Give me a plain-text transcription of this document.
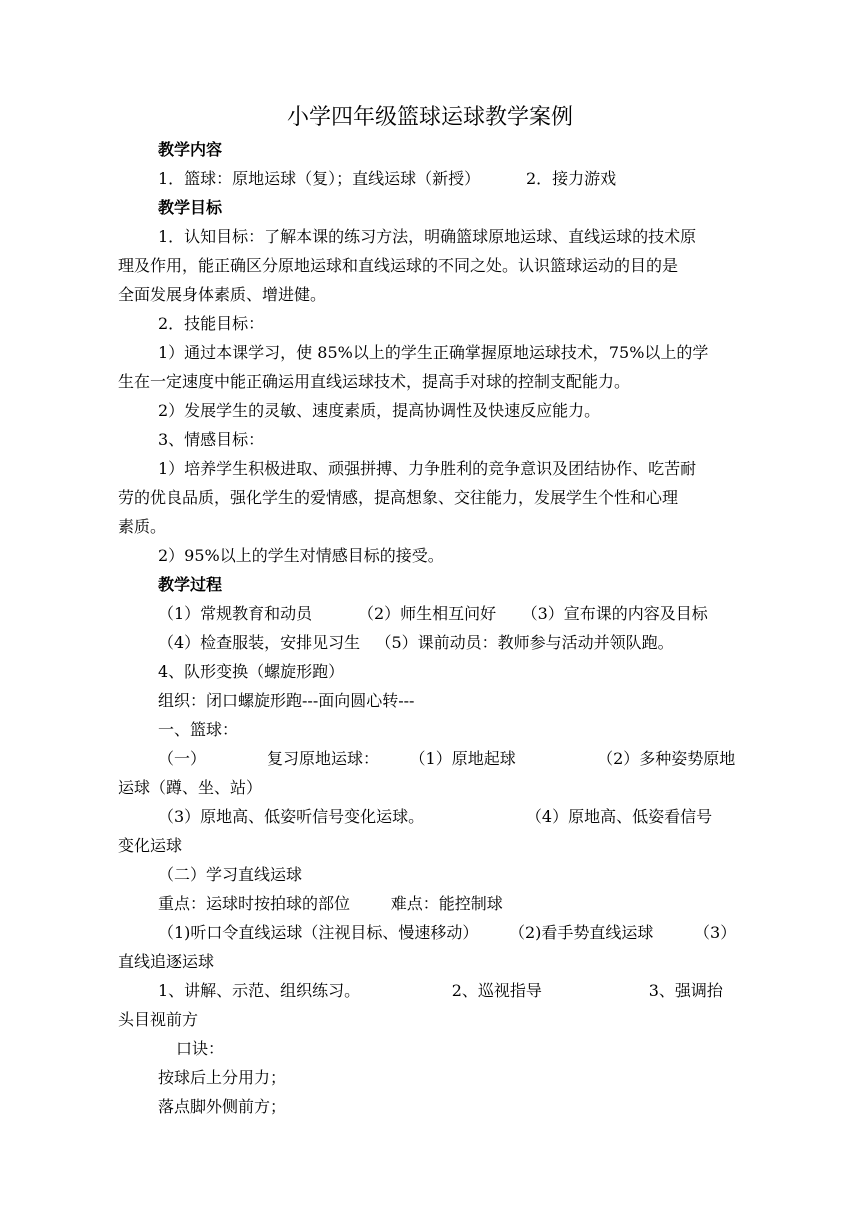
小学四年级篮球运球教学案例
教学内容
1．篮球：原地运球（复）；直线运球（新授）         2．接力游戏
教学目标
1．认知目标：了解本课的练习方法，明确篮球原地运球、直线运球的技术原
理及作用，能正确区分原地运球和直线运球的不同之处。认识篮球运动的目的是
全面发展身体素质、增进健。
2．技能目标：
1）通过本课学习，使 85%以上的学生正确掌握原地运球技术，75%以上的学
生在一定速度中能正确运用直线运球技术，提高手对球的控制支配能力。
2）发展学生的灵敏、速度素质，提高协调性及快速反应能力。
3、情感目标：
1）培养学生积极进取、顽强拼搏、力争胜利的竞争意识及团结协作、吃苦耐
劳的优良品质，强化学生的爱情感，提高想象、交往能力，发展学生个性和心理
素质。
2）95%以上的学生对情感目标的接受。
教学过程
（1）常规教育和动员         （2）师生相互问好     （3）宣布课的内容及目标
（4）检查服装，安排见习生   （5）课前动员：教师参与活动并领队跑。
4、队形变换（螺旋形跑）
组织：闭口螺旋形跑---面向圆心转---
一、篮球：
（一）            复习原地运球：      （1）原地起球                （2）多种姿势原地
运球（蹲、坐、站）
（3）原地高、低姿听信号变化运球。                    （4）原地高、低姿看信号
变化运球
（二）学习直线运球
重点：运球时按拍球的部位        难点：能控制球
（1)听口令直线运球（注视目标、慢速移动）      （2)看手势直线运球        （3）
直线追逐运球
1、讲解、示范、组织练习。                  2、巡视指导                     3、强调抬
头目视前方
口诀：
按球后上分用力；
落点脚外侧前方；
